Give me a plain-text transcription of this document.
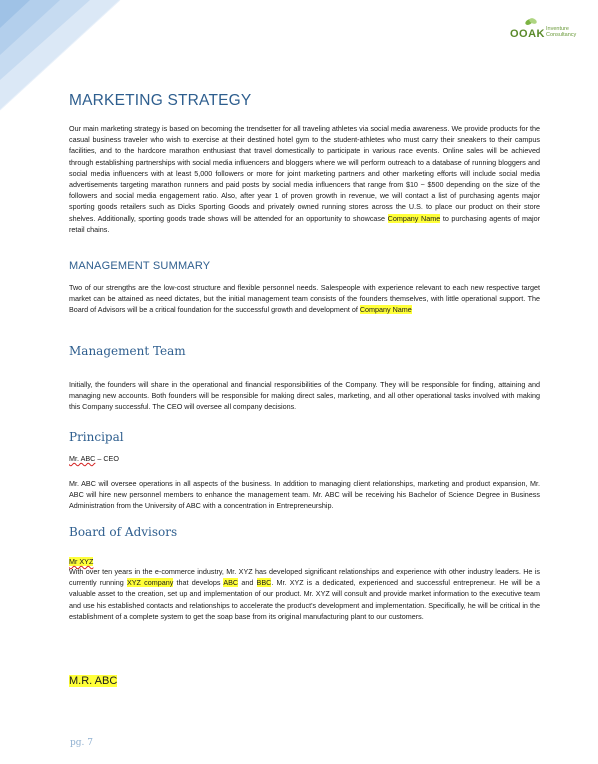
OOAK Inventure
Consultancy
MARKETING STRATEGY

Our main marketing strategy is based on becoming the trendsetter for all traveling athletes via social media awareness. We provide products for the casual business traveler who wish to exercise at their destined hotel gym to the student-athletes who must carry their sneakers to their campus facilities, and to the hardcore marathon enthusiast that travel domestically to participate in various race events. Online sales will be achieved through establishing partnerships with social media influencers and bloggers where we will perform outreach to a database of running bloggers and social media influencers with at least 5,000 followers or more for joint marketing partners and other marketing efforts will include social media advertisements targeting marathon runners and paid posts by social media influencers that range from $10 ~ $500 depending on the size of the followers and social media engagement ratio. Also, after year 1 of proven growth in revenue, we will contact a list of purchasing agents major sporting goods retailers such as Dicks Sporting Goods and privately owned running stores across the U.S. to place our product on their store shelves. Additionally, sporting goods trade shows will be attended for an opportunity to showcase Company Name to purchasing agents of major retail chains.

MANAGEMENT SUMMARY

Two of our strengths are the low-cost structure and flexible personnel needs. Salespeople with experience relevant to each new respective target market can be attained as need dictates, but the initial management team consists of the founders themselves, with little operational support. The Board of Advisors will be a critical foundation for the successful growth and development of Company Name

Management Team

Initially, the founders will share in the operational and financial responsibilities of the Company. They will be responsible for finding, attaining and managing new accounts. Both founders will be responsible for making direct sales, marketing, and all other operational tasks involved with making this Company successful. The CEO will oversee all company decisions.

Principal

Mr. ABC – CEO

Mr. ABC will oversee operations in all aspects of the business. In addition to managing client relationships, marketing and product expansion, Mr. ABC will hire new personnel members to enhance the management team. Mr. ABC will be receiving his Bachelor of Science Degree in Business Administration from the University of ABC with a concentration in Entrepreneurship.

Board of Advisors

Mr XYZ

With over ten years in the e-commerce industry, Mr. XYZ has developed significant relationships and experience with other industry leaders. He is currently running XYZ company that develops ABC and BBC. Mr. XYZ is a dedicated, experienced and successful entrepreneur. He will be a valuable asset to the creation, set up and implementation of our product. Mr. XYZ will consult and provide market information to the executive team and use his established contacts and relationships to accelerate the product's development and implementation. Specifically, he will be critical in the establishment of a complete system to get the soap base from its original manufacturing plant to our customers.

M.R. ABC

pg. 7
